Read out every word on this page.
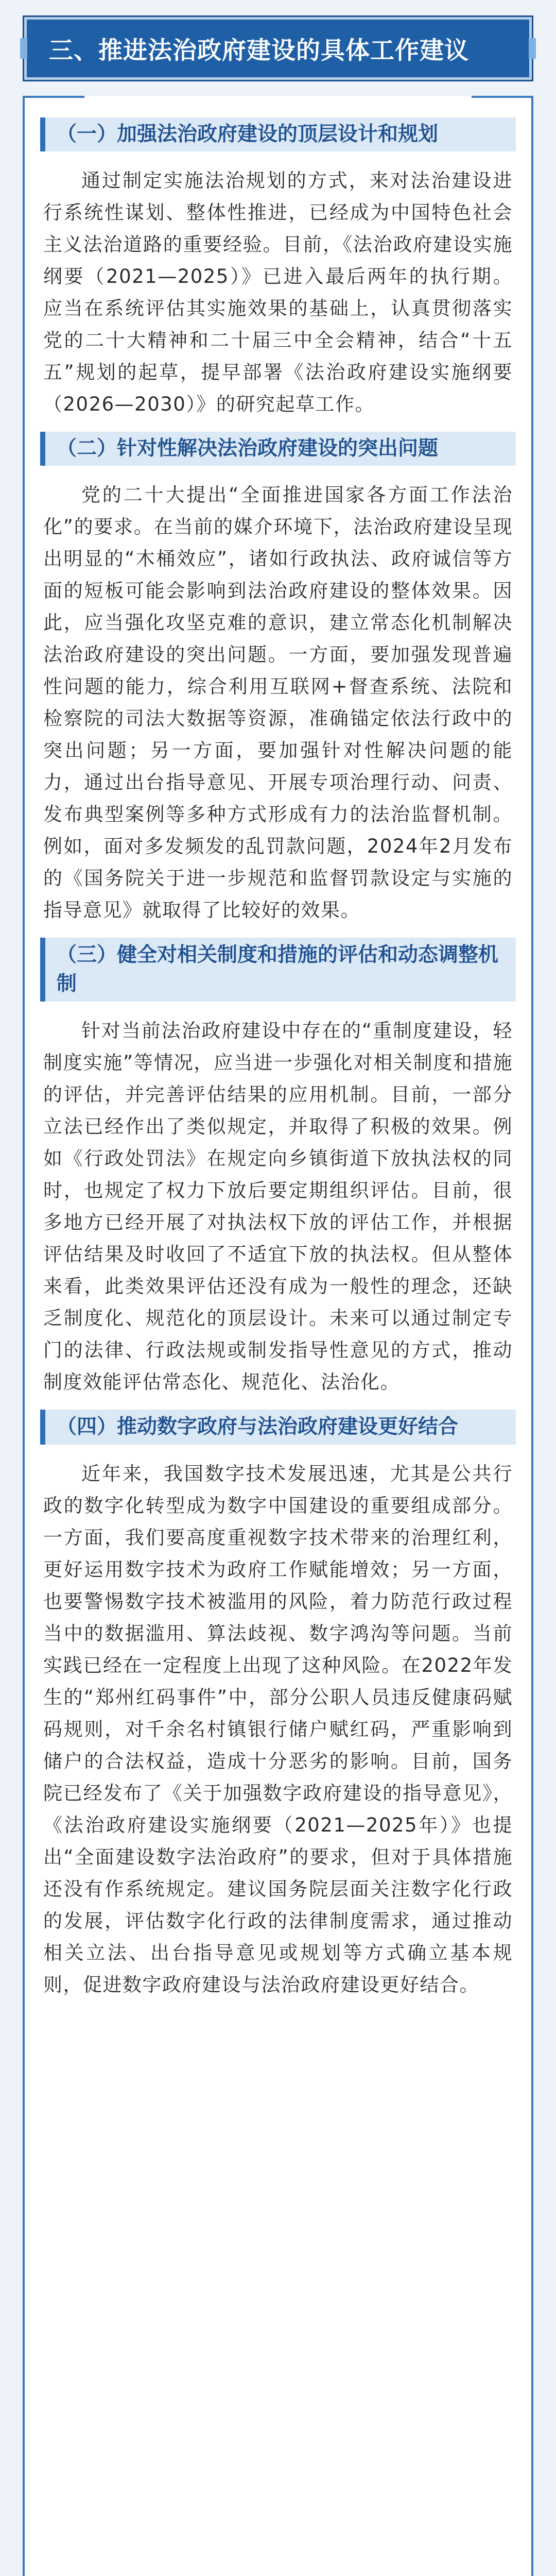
三、推进法治政府建设的具体工作建议
（一）加强法治政府建设的顶层设计和规划

通过制定实施法治规划的方式，来对法治建设进行系统性谋划、整体性推进，已经成为中国特色社会主义法治道路的重要经验。目前，《法治政府建设实施纲要（2021—2025）》已进入最后两年的执行期。应当在系统评估其实施效果的基础上，认真贯彻落实党的二十大精神和二十届三中全会精神，结合“十五五”规划的起草，提早部署《法治政府建设实施纲要（2026—2030）》的研究起草工作。

（二）针对性解决法治政府建设的突出问题

党的二十大提出“全面推进国家各方面工作法治化”的要求。在当前的媒介环境下，法治政府建设呈现出明显的“木桶效应”，诸如行政执法、政府诚信等方面的短板可能会影响到法治政府建设的整体效果。因此，应当强化攻坚克难的意识，建立常态化机制解决法治政府建设的突出问题。一方面，要加强发现普遍性问题的能力，综合利用互联网+督查系统、法院和检察院的司法大数据等资源，准确锚定依法行政中的突出问题；另一方面，要加强针对性解决问题的能力，通过出台指导意见、开展专项治理行动、问责、发布典型案例等多种方式形成有力的法治监督机制。例如，面对多发频发的乱罚款问题，2024年2月发布的《国务院关于进一步规范和监督罚款设定与实施的指导意见》就取得了比较好的效果。

（三）健全对相关制度和措施的评估和动态调整机制

针对当前法治政府建设中存在的“重制度建设，轻制度实施”等情况，应当进一步强化对相关制度和措施的评估，并完善评估结果的应用机制。目前，一部分立法已经作出了类似规定，并取得了积极的效果。例如《行政处罚法》在规定向乡镇街道下放执法权的同时，也规定了权力下放后要定期组织评估。目前，很多地方已经开展了对执法权下放的评估工作，并根据评估结果及时收回了不适宜下放的执法权。但从整体来看，此类效果评估还没有成为一般性的理念，还缺乏制度化、规范化的顶层设计。未来可以通过制定专门的法律、行政法规或制发指导性意见的方式，推动制度效能评估常态化、规范化、法治化。

（四）推动数字政府与法治政府建设更好结合

近年来，我国数字技术发展迅速，尤其是公共行政的数字化转型成为数字中国建设的重要组成部分。一方面，我们要高度重视数字技术带来的治理红利，更好运用数字技术为政府工作赋能增效；另一方面，也要警惕数字技术被滥用的风险，着力防范行政过程当中的数据滥用、算法歧视、数字鸿沟等问题。当前实践已经在一定程度上出现了这种风险。在2022年发生的“郑州红码事件”中，部分公职人员违反健康码赋码规则，对千余名村镇银行储户赋红码，严重影响到储户的合法权益，造成十分恶劣的影响。目前，国务院已经发布了《关于加强数字政府建设的指导意见》，《法治政府建设实施纲要（2021—2025年）》也提出“全面建设数字法治政府”的要求，但对于具体措施还没有作系统规定。建议国务院层面关注数字化行政的发展，评估数字化行政的法律制度需求，通过推动相关立法、出台指导意见或规划等方式确立基本规则，促进数字政府建设与法治政府建设更好结合。
